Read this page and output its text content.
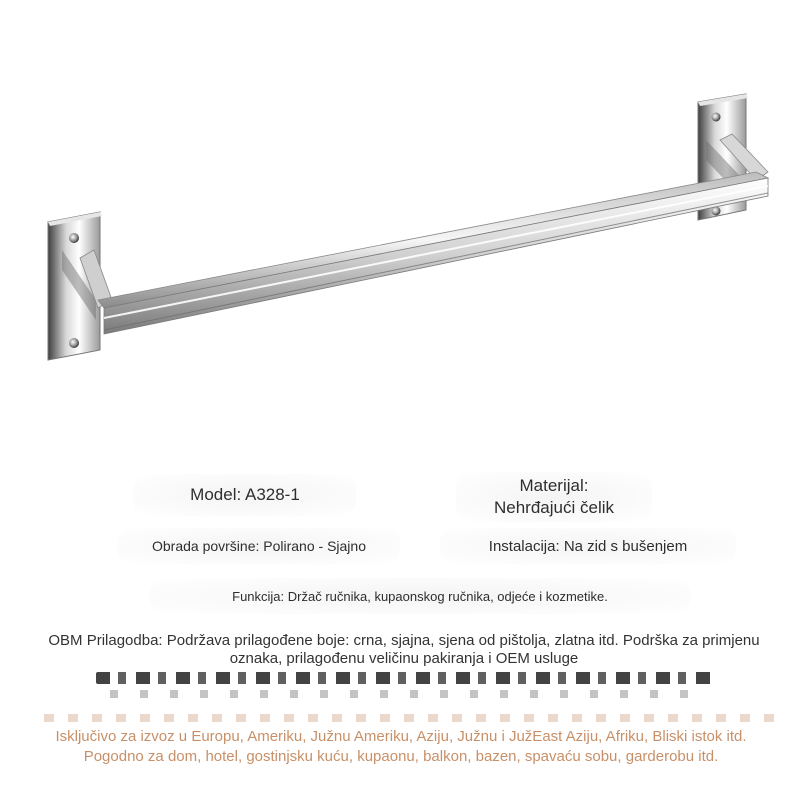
Model: A328-1	Materijal:
Nehrđajući čelik
Obrada površine: Polirano - Sjajno	Instalacija: Na zid s bušenjem
Funkcija: Držač ručnika, kupaonskog ručnika, odjeće i kozmetike.
OBM Prilagodba: Podržava prilagođene boje: crna, sjajna, sjena od pištolja, zlatna itd. Podrška za primjenu oznaka, prilagođenu veličinu pakiranja i OEM usluge
Isključivo za izvoz u Europu, Ameriku, Južnu Ameriku, Aziju, Južnu i JužEast Aziju, Afriku, Bliski istok itd. Pogodno za dom, hotel, gostinjsku kuću, kupaonu, balkon, bazen, spavaću sobu, garderobu itd.
